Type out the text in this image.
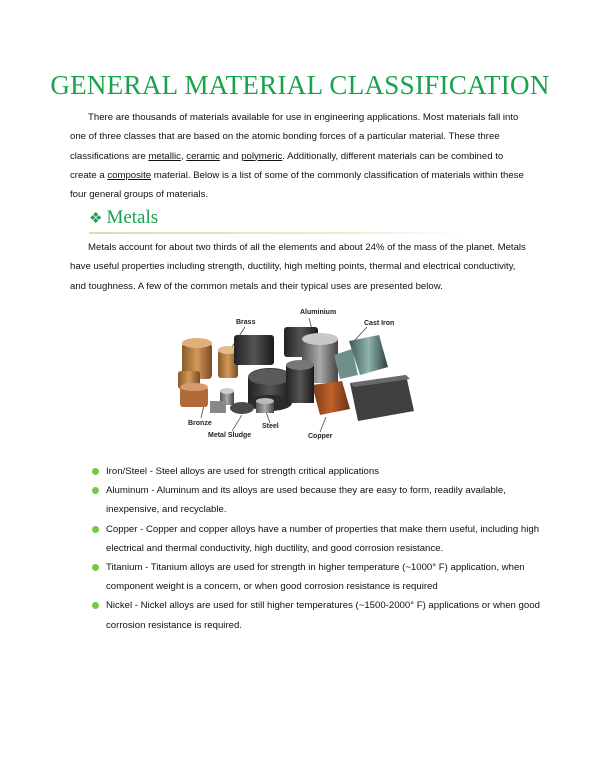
GENERAL MATERIAL CLASSIFICATION

There are thousands of materials available for use in engineering applications. Most materials fall into one of three classes that are based on the atomic bonding forces of a particular material. These three classifications are metallic, ceramic and polymeric. Additionally, different materials can be combined to create a composite material. Below is a list of some of the commonly classification of materials within these four general groups of materials.

❖ Metals

Metals account for about two thirds of all the elements and about 24% of the mass of the planet. Metals have useful properties including strength, ductility, high melting points, thermal and electrical conductivity, and toughness. A few of the common metals and their typical uses are presented below.

Brass
Aluminium
Cast Iron
Bronze	Steel
Metal Sludge	Copper
Iron/Steel - Steel alloys are used for strength critical applications
Aluminum - Aluminum and its alloys are used because they are easy to form, readily available, inexpensive, and recyclable.
Copper - Copper and copper alloys have a number of properties that make them useful, including high electrical and thermal conductivity, high ductility, and good corrosion resistance.
Titanium - Titanium alloys are used for strength in higher temperature (~1000° F) application, when component weight is a concern, or when good corrosion resistance is required
Nickel - Nickel alloys are used for still higher temperatures (~1500-2000° F) applications or when good corrosion resistance is required.
